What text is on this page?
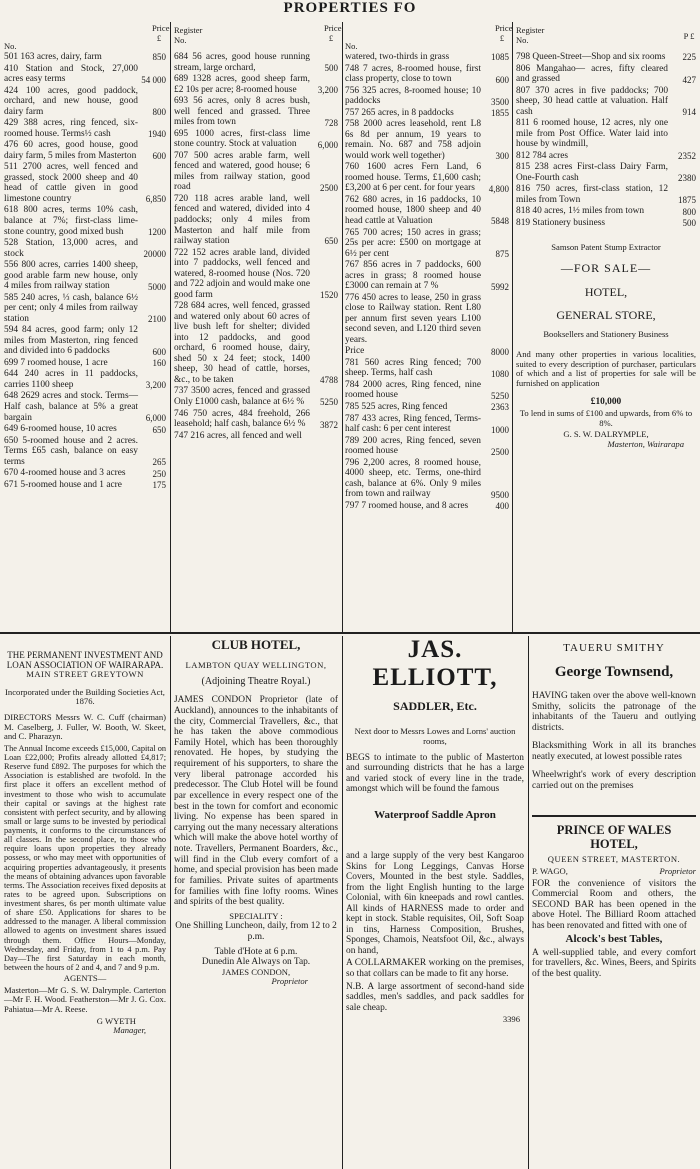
PROPERTIES FO
No.
Price £
501 163 acres, dairy, farm	850
410 Station and Stock, 27,000 acres easy terms	54 000
424 100 acres, good paddock, orchard, and new house, good dairy farm	800
429 388 acres, ring fenced, six-roomed house. Terms½ cash	1940
476 60 acres, good house, good dairy farm, 5 miles from Masterton 600
511 2700 acres, well fenced and grassed, stock 2000 sheep and 40 head of cattle given in good limestone country	6,850
618 800 acres, terms 10% cash, balance at 7%; first-class lime-stone country, good mixed bush	1200
528 Station, 13,000 acres, and stock	20000
556 800 acres, carries 1400 sheep, good arable farm new house, only 4 miles from railway station	5000
585 240 acres, ⅓ cash, balance 6½ per cent; only 4 miles from railway station	2100
594 84 acres, good farm; only 12 miles from Masterton, ring fenced and divided into 6 paddocks	600
699 7 roomed house, 1 acre	160
644 240 acres in 11 paddocks, carries 1100 sheep	3,200
648 2629 acres and stock. Terms—Half cash, balance at 5% a great bargain	6,000
649 6-roomed house, 10 acres	650
650 5-roomed house and 2 acres. Terms £65 cash, balance on easy terms	265
670 4-roomed house and 3 acres	250
671 5-roomed house and 1 acre	175
Register No.
Price £
684 56 acres, good house running stream, large orchard,	500
689 1328 acres, good sheep farm, £2 10s per acre; 8-roomed house 3,200
693 56 acres, only 8 acres bush, well fenced and grassed. Three miles from town	728
695 1000 acres, first-class lime stone country. Stock at valuation 6,000
707 500 acres arable farm, well fenced and watered, good house; 6 miles from railway station, good road	2500
720 118 acres arable land, well fenced and watered, divided into 4 paddocks; only 4 miles from Masterton and half mile from railway station	650
722 152 acres arable land, divided into 7 paddocks, well fenced and watered, 8-roomed house (Nos. 720 and 722 adjoin and would make one good farm	1520
728 684 acres, well fenced, grassed and watered only about 60 acres of live bush left for shelter; divided into 12 paddocks, and good orchard, 6 roomed house, dairy, shed 50 x 24 feet; stock, 1400 sheep, 30 head of cattle, horses, &c., to be taken	4788
737 3500 acres, fenced and grassed Only £1000 cash, balance at 6½ % 5250
746 750 acres, 484 freehold, 266 leasehold; half cash, balance 6½ % 3872
747 216 acres, all fenced and well
No.
Price £
watered, two-thirds in grass	1085
748 7 acres, 8-roomed house, first class property, close to town	600
756 325 acres, 8-roomed house; 10 paddocks	3500
757 265 acres, in 8 paddocks	1855
758 2000 acres leasehold, rent L8 6s 8d per annum, 19 years to remain. No. 687 and 758 adjoin would work well together)	300
760 1600 acres Fern Land, 6 roomed house. Terms, £1,600 cash; £3,200 at 6 per cent. for four years 4,800
762 680 acres, in 16 paddocks, 10 roomed house, 1800 sheep and 40 head cattle at Valuation	5848
765 700 acres; 150 acres in grass; 25s per acre: £500 on mortgage at 6½ per cent	875
767 856 acres in 7 paddocks, 600 acres in grass; 8 roomed house £3000 can remain at 7 %	5992
776 450 acres to lease, 250 in grass close to Railway station. Rent L80 per annum first seven years L100 second seven, and L120 third seven years.
Price	8000
781 560 acres Ring fenced; 700 sheep. Terms, half cash	1080
784 2000 acres, Ring fenced, nine roomed house	5250
785 525 acres, Ring fenced	2363
787 433 acres, Ring fenced, Terms-half cash: 6 per cent interest	1000
789 200 acres, Ring fenced, seven roomed house	2500
796 2,200 acres, 8 roomed house, 4000 sheep, etc. Terms, one-third cash, balance at 6%. Only 9 miles from town and railway	9500
797 7 roomed house, and 8 acres	400
Register No.	P £
798 Queen-Street—Shop and six rooms 225
806 Mangahao— acres, fifty cleared and grassed	427
807 370 acres in five paddocks; 700 sheep, 30 head cattle at valuation. Half cash	914
811 6 roomed house, 12 acres, nly one mile from Post Office. Water laid into house by windmill,
812 784 acres	2352
815 238 acres First-class Dairy Farm, One-Fourth cash	2380
816 750 acres, first-class station, 12 miles from Town	1875
818 40 acres, 1½ miles from town	800
819 Stationery business	500
Samson Patent Stump Extractor
—FOR SALE—
HOTEL,
GENERAL STORE,
Booksellers and Stationery Business

And many other properties in various localities, suited to every description of purchaser, particulars of which and a list of properties for sale will be furnished on application

£10,000

To lend in sums of £100 and upwards, from 6% to 8%.

G. S. W. DALRYMPLE,
Masterton, Wairarapa
THE PERMANENT INVESTMENT AND LOAN ASSOCIATION OF WAIRARAPA.
MAIN STREET GREYTOWN
Incorporated under the Building Societies Act, 1876.

DIRECTORS Messrs W. C. Cuff (chairman) M. Caselberg, J. Fuller, W. Booth, W. Skeet, and C. Pharazyn.

The Annual Income exceeds £15,000, Capital on Loan £22,000; Profits already allotted £4,817; Reserve fund £892. The purposes for which the Association is established are twofold. In the first place it offers an excellent method of investment to those who wish to accumulate their capital or savings at the highest rate consistent with perfect security, and by allowing small or large sums to be invested by periodical payments, it conforms to the circumstances of all classes. In the second place, to those who require loans upon properties they already possess, or who may meet with opportunities of acquiring properties advantageously, it presents the means of obtaining advances upon favorable terms. The Association receives fixed deposits at rates to be agreed upon. Subscriptions on investment shares, 6s per month ultimate value of share £50. Applications for shares to be addressed to the manager. A liberal commission allowed to agents on investment shares issued through them. Office Hours—Monday, Wednesday, and Friday, from 1 to 4 p.m. Pay Day—The first Saturday in each month, between the hours of 2 and 4, and 7 and 9 p.m.

AGENTS—

Masterton—Mr G. S. W. Dalrymple. Carterton—Mr F. H. Wood. Featherston—Mr J. G. Cox. Pahiatua—Mr A. Reese.

G WYETH
Manager,
CLUB HOTEL,
LAMBTON QUAY WELLINGTON,
(Adjoining Theatre Royal.)

JAMES CONDON Proprietor (late of Auckland), announces to the inhabitants of the city, Commercial Travellers, &c., that he has taken the above commodious Family Hotel, which has been thoroughly renovated. He hopes, by studying the requirement of his supporters, to share the very liberal patronage accorded his predecessor. The Club Hotel will be found par excellence in every respect one of the best in the town for comfort and economic living. No expense has been spared in carrying out the many necessary alterations which will make the above hotel worthy of note. Travellers, Permanent Boarders, &c., will find in the Club every comfort of a home, and special provision has been made for families. Private suites of apartments for families with fine lofty rooms. Wines and spirits of the best quality.

SPECIALITY :
One Shilling Luncheon, daily, from 12 to 2 p.m.
Table d'Hote at 6 p.m.
Dunedin Ale Always on Tap.
JAMES CONDON,
Proprietor
JAS. ELLIOTT,
SADDLER, Etc.
Next door to Messrs Lowes and Lorns' auction rooms,

BEGS to intimate to the public of Masterton and surrounding districts that he has a large and varied stock of every line in the trade, amongst which will be found the famous

Waterproof Saddle Apron

and a large supply of the very best Kangaroo Skins for Long Leggings, Canvas Horse Covers, Mounted in the best style. Saddles, from the light English hunting to the large Colonial, with 6in kneepads and rowl cantles. All kinds of HARNESS made to order and kept in stock. Stable requisites, Oil, Soft Soap in tins, Harness Composition, Brushes, Sponges, Chamois, Neatsfoot Oil, &c., always on hand,

A COLLARMAKER working on the premises, so that collars can be made to fit any horse.

N.B. A large assortment of second-hand side saddles, men's saddles, and pack saddles for sale cheap.

3396
TAUERU SMITHY
George Townsend,

HAVING taken over the above well-known Smithy, solicits the patronage of the inhabitants of the Taueru and outlying districts.

Blacksmithing Work in all its branches neatly executed, at lowest possible rates

Wheelwright's work of every description carried out on the premises

PRINCE OF WALES HOTEL,
QUEEN STREET, MASTERTON.
P. WAGO,	Proprietor

FOR the convenience of visitors the Commercial Room and others, the SECOND BAR has been opened in the above Hotel. The Billiard Room attached has been renovated and fitted with one of

Alcock's best Tables,

A well-supplied table, and every comfort for travellers, &c. Wines, Beers, and Spirits of the best quality.
